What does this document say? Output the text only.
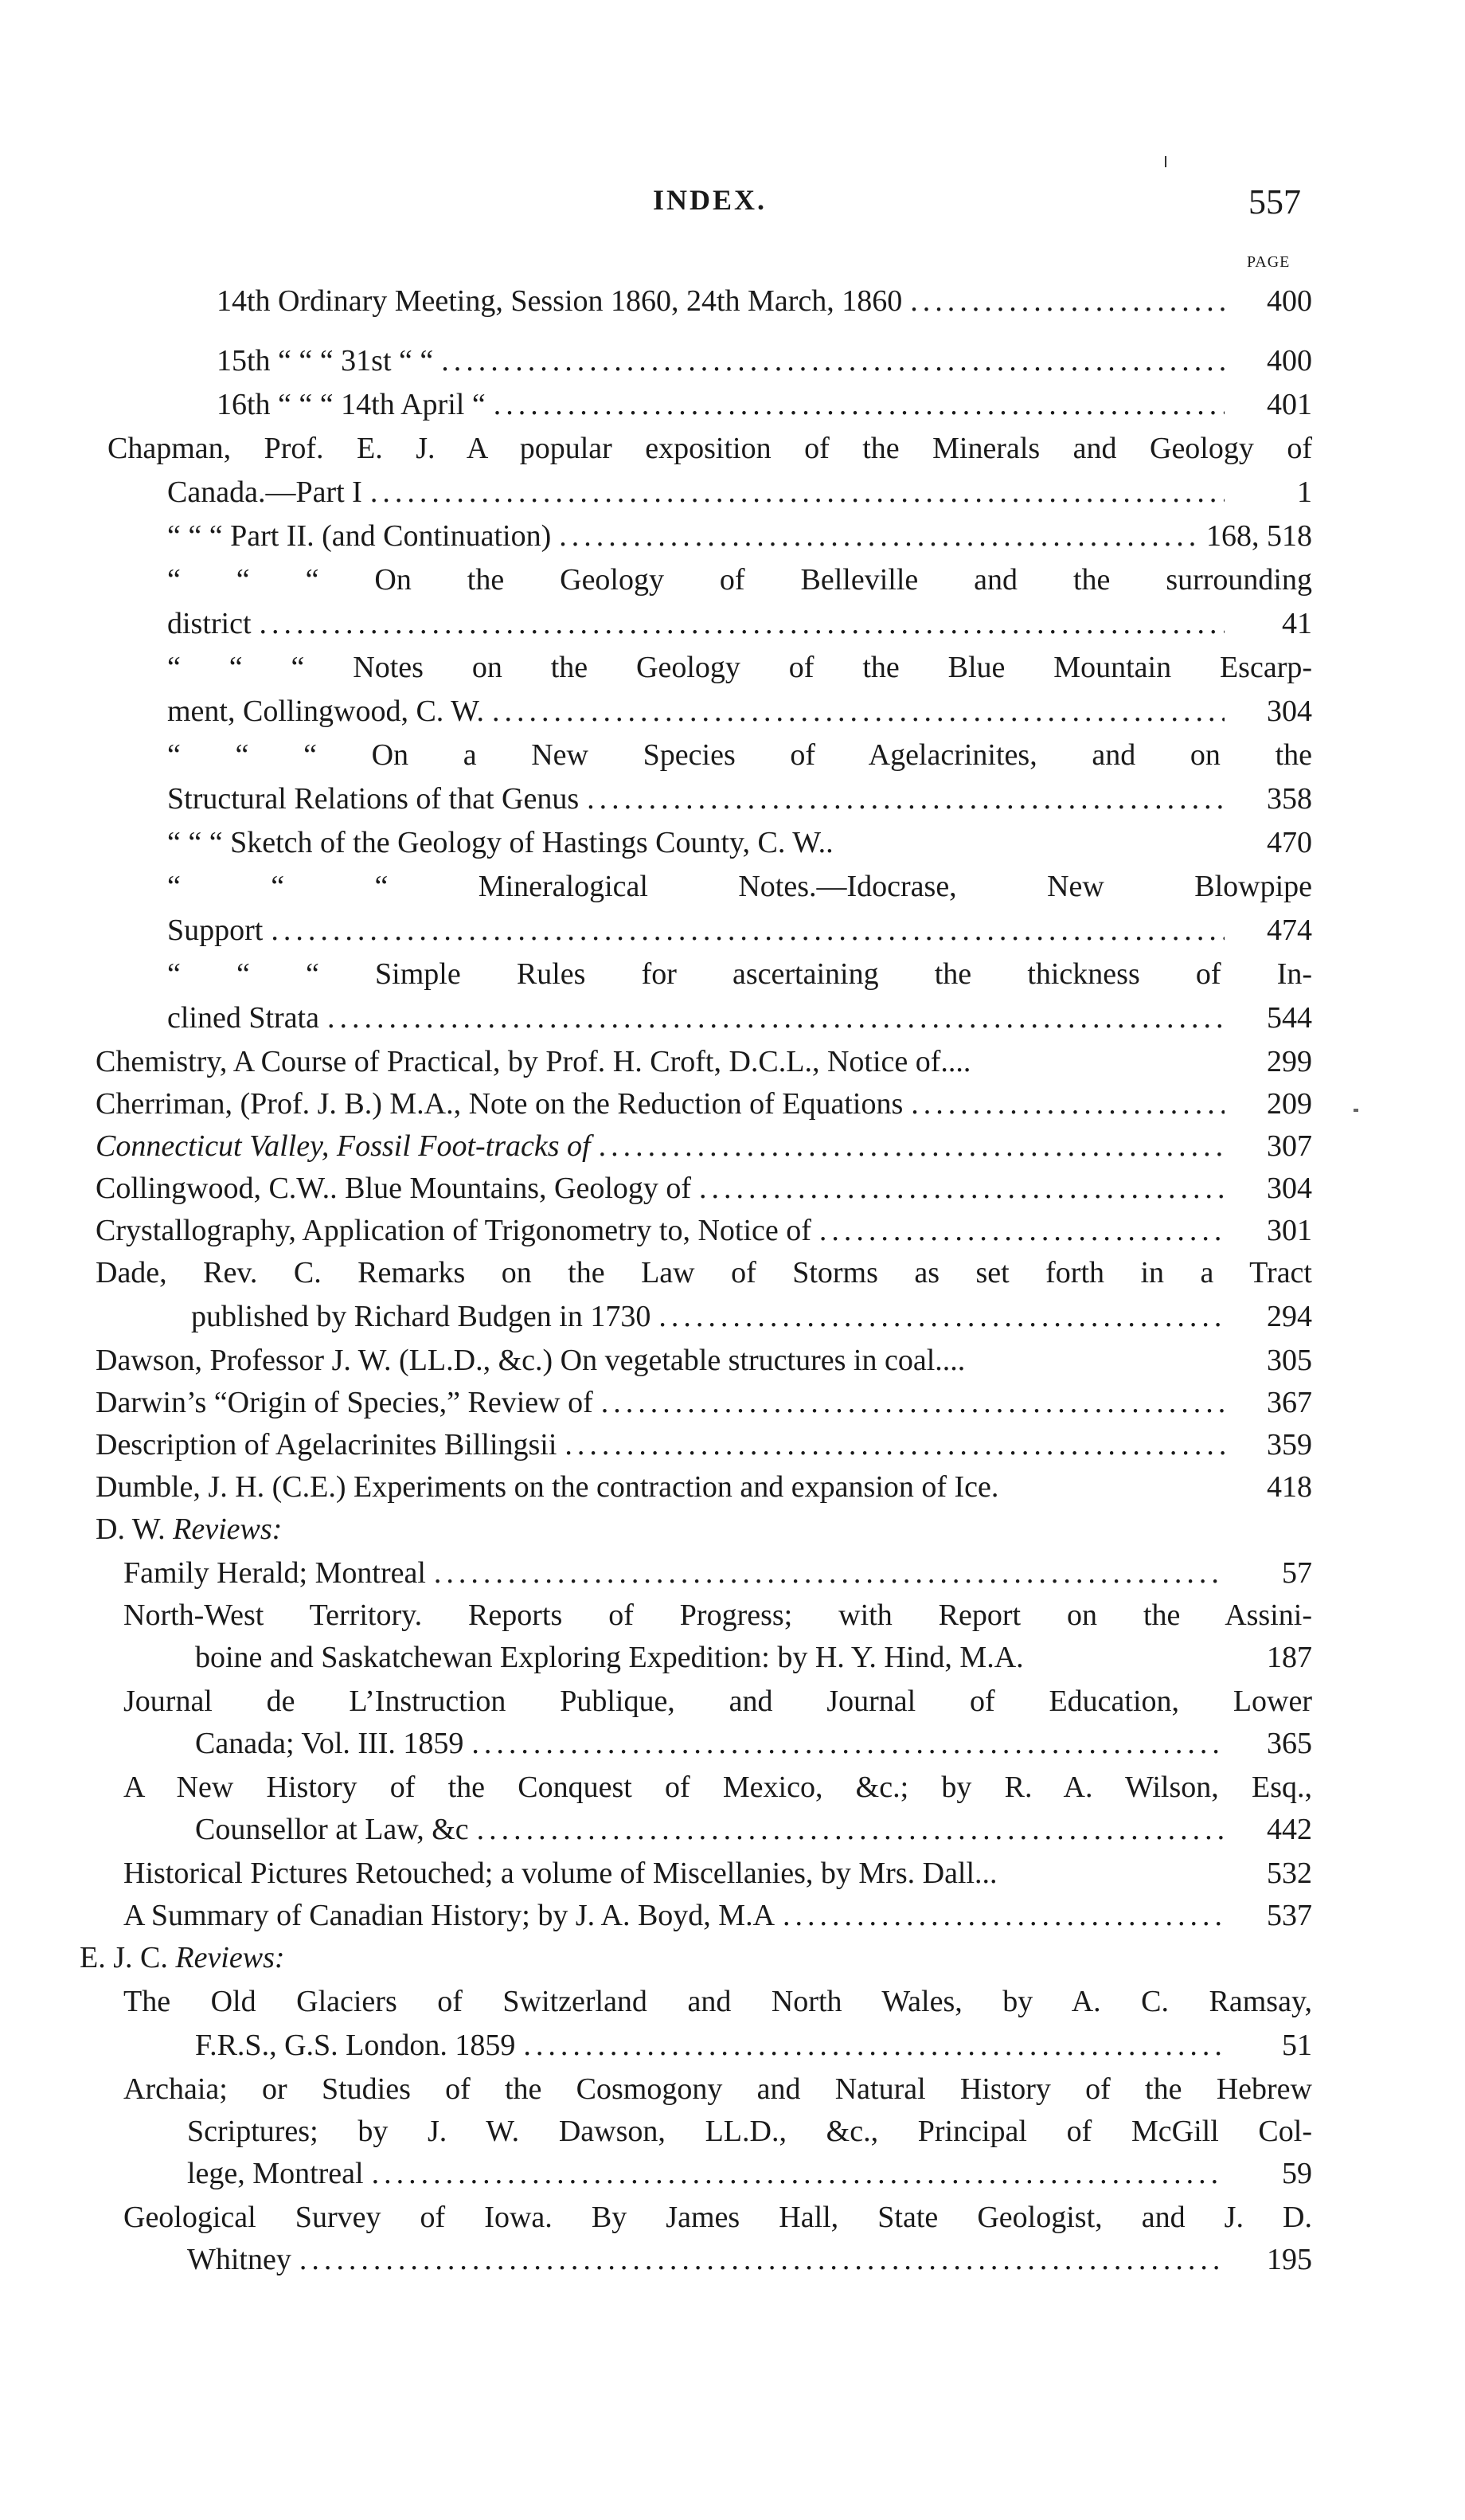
INDEX.	557
PAGE
14th Ordinary Meeting, Session 1860, 24th March, 1860 .....	400
15th “ “ “ 31st “ “ .....	400
16th “ “ “ 14th April “ .....	401
Chapman, Prof. E. J. A popular exposition of the Minerals and Geology of
Canada.—Part I .....	1
“ “ “ Part II. (and Continuation) .....	168, 518
“ “ “ On the Geology of Belleville and the surrounding
district .....	41
“ “ “ Notes on the Geology of the Blue Mountain Escarp-
ment, Collingwood, C. W. .....	304
“ “ “ On a New Species of Agelacrinites, and on the
Structural Relations of that Genus .....	358
“ “ “ Sketch of the Geology of Hastings County, C. W..	470
“ “ “ Mineralogical Notes.—Idocrase, New Blowpipe
Support .....	474
“ “ “ Simple Rules for ascertaining the thickness of In-
clined Strata .....	544
Chemistry, A Course of Practical, by Prof. H. Croft, D.C.L., Notice of....	299
Cherriman, (Prof. J. B.) M.A., Note on the Reduction of Equations .....	209
Connecticut Valley, Fossil Foot-tracks of .....	307
Collingwood, C.W.. Blue Mountains, Geology of .....	304
Crystallography, Application of Trigonometry to, Notice of .....	301
Dade, Rev. C. Remarks on the Law of Storms as set forth in a Tract
published by Richard Budgen in 1730 .....	294
Dawson, Professor J. W. (LL.D., &c.) On vegetable structures in coal....	305
Darwin’s “Origin of Species,” Review of .....	367
Description of Agelacrinites Billingsii .....	359
Dumble, J. H. (C.E.) Experiments on the contraction and expansion of Ice.	418
D. W. Reviews:
Family Herald; Montreal .....	57
North-West Territory. Reports of Progress; with Report on the Assini-
boine and Saskatchewan Exploring Expedition: by H. Y. Hind, M.A.	187
Journal de L’Instruction Publique, and Journal of Education, Lower
Canada; Vol. III. 1859 .....	365
A New History of the Conquest of Mexico, &c.; by R. A. Wilson, Esq.,
Counsellor at Law, &c .....	442
Historical Pictures Retouched; a volume of Miscellanies, by Mrs. Dall...	532
A Summary of Canadian History; by J. A. Boyd, M.A .....	537
E. J. C. Reviews:
The Old Glaciers of Switzerland and North Wales, by A. C. Ramsay,
F.R.S., G.S. London. 1859 .....	51
Archaia; or Studies of the Cosmogony and Natural History of the Hebrew
Scriptures; by J. W. Dawson, LL.D., &c., Principal of McGill Col-
lege, Montreal .....	59
Geological Survey of Iowa. By James Hall, State Geologist, and J. D.
Whitney .....	195
